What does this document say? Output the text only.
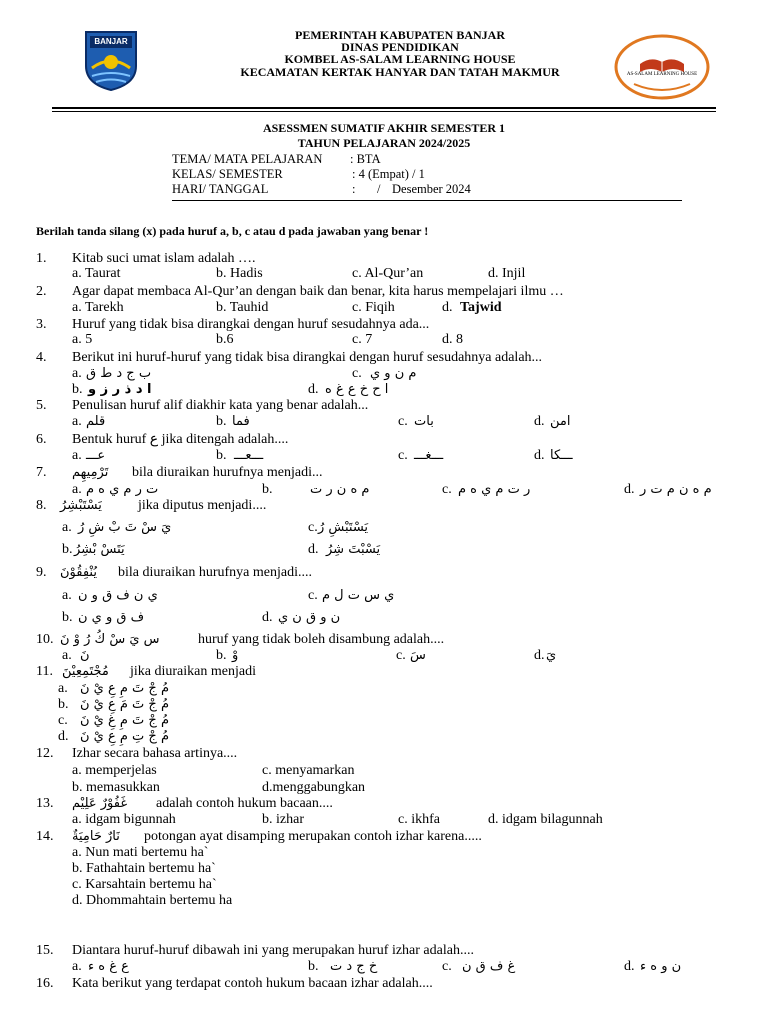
BANJAR
AS-SALAM LEARNING HOUSE
PEMERINTAH KABUPATEN BANJAR
DINAS PENDIDIKAN
KOMBEL AS-SALAM LEARNING HOUSE
KECAMATAN KERTAK HANYAR DAN TATAH MAKMUR
ASESSMEN SUMATIF AKHIR SEMESTER 1
TAHUN PELAJARAN 2024/2025
TEMA/ MATA PELAJARAN : BTA
KELAS/ SEMESTER	: 4 (Empat) / 1
HARI/ TANGGAL	: / Desember 2024
Berilah tanda silang (x) pada huruf a, b, c atau d pada jawaban yang benar !
1. Kitab suci umat islam adalah ….
a. Taurat	b. Hadis	c. Al-Qur’an	d. Injil
2. Agar dapat membaca Al-Qur’an dengan baik dan benar, kita harus mempelajari ilmu …
a. Tarekh	b. Tauhid	c. Fiqih	d. Tajwid
3. Huruf yang tidak bisa dirangkai dengan huruf sesudahnya ada...
a. 5	b.6	c. 7	d. 8
4. Berikut ini huruf-huruf yang tidak bisa dirangkai dengan huruf sesudahnya adalah...
a. ب ج د ط ق	c. م ن و ي
b. ا د ذ ر ز و	d. ا ح خ ع غ ه
5. Penulisan huruf alif diakhir kata yang benar adalah...
a. قلم	b. فما	c. بات	d. امن
6. Bentuk huruf ع jika ditengah adalah....
a. عـــ	b. ـــعـــ	c. ـــغـــ	d. ـــكا
7. تَرْمِيهِم bila diuraikan hurufnya menjadi...
a. ت ر م ي ه م	b.	م ه ن ر ت	c. ر ت م ي ه م	d. م ه ن م ت ر
8. يَسْتَبْشِرُ	jika diputus menjadi....
a. يَ سْ تَ بْ شِ رُ	c. يَسْتَبْشِ رُ
b. يَتَسْ بْشِرُ	d. يَسْبْتَ شِرُ
9. يُنْفِقُوْنَ bila diuraikan hurufnya menjadi....
a. ي ن ف ق و ن	c. ي س ت ل م
b. ف ق و ي ن	d. ن و ق ن ي
10. س يَ سْ كُ رُ وْ نَ	huruf yang tidak boleh disambung adalah....
a. نَ	b. وْ	c. سَ	d. يَ
11. مُجْتَمِعِيْنَ jika diuraikan menjadi
a. مُ جْ تَ مِ عِ يْ نَ
b. مُ جْ تَ مَ عِ يْ نَ
c. مُ جْ تَ مِ غِ يْ نَ
d. مُ جْ تِ مِ عِ يْ نَ
12. Izhar secara bahasa artinya....
a. memperjelas	c. menyamarkan
b. memasukkan	d.menggabungkan
13. غَفُوْرٌ عَلِيْم adalah contoh hukum bacaan....
a. idgam bigunnah	b. izhar	c. ikhfa	d. idgam bilagunnah
14. نَارٌ حَامِيَةٌ potongan ayat disamping merupakan contoh izhar karena.....
a. Nun mati bertemu ha`
b. Fathahtain bertemu ha`
c. Karsahtain bertemu ha`
d. Dhommahtain bertemu ha
15. Diantara huruf-huruf dibawah ini yang merupakan huruf izhar adalah....
a. ع غ ه ء	b. خ ج د ت	c. غ ف ق ن	d. ن و ه ء
16. Kata berikut yang terdapat contoh hukum bacaan izhar adalah....
